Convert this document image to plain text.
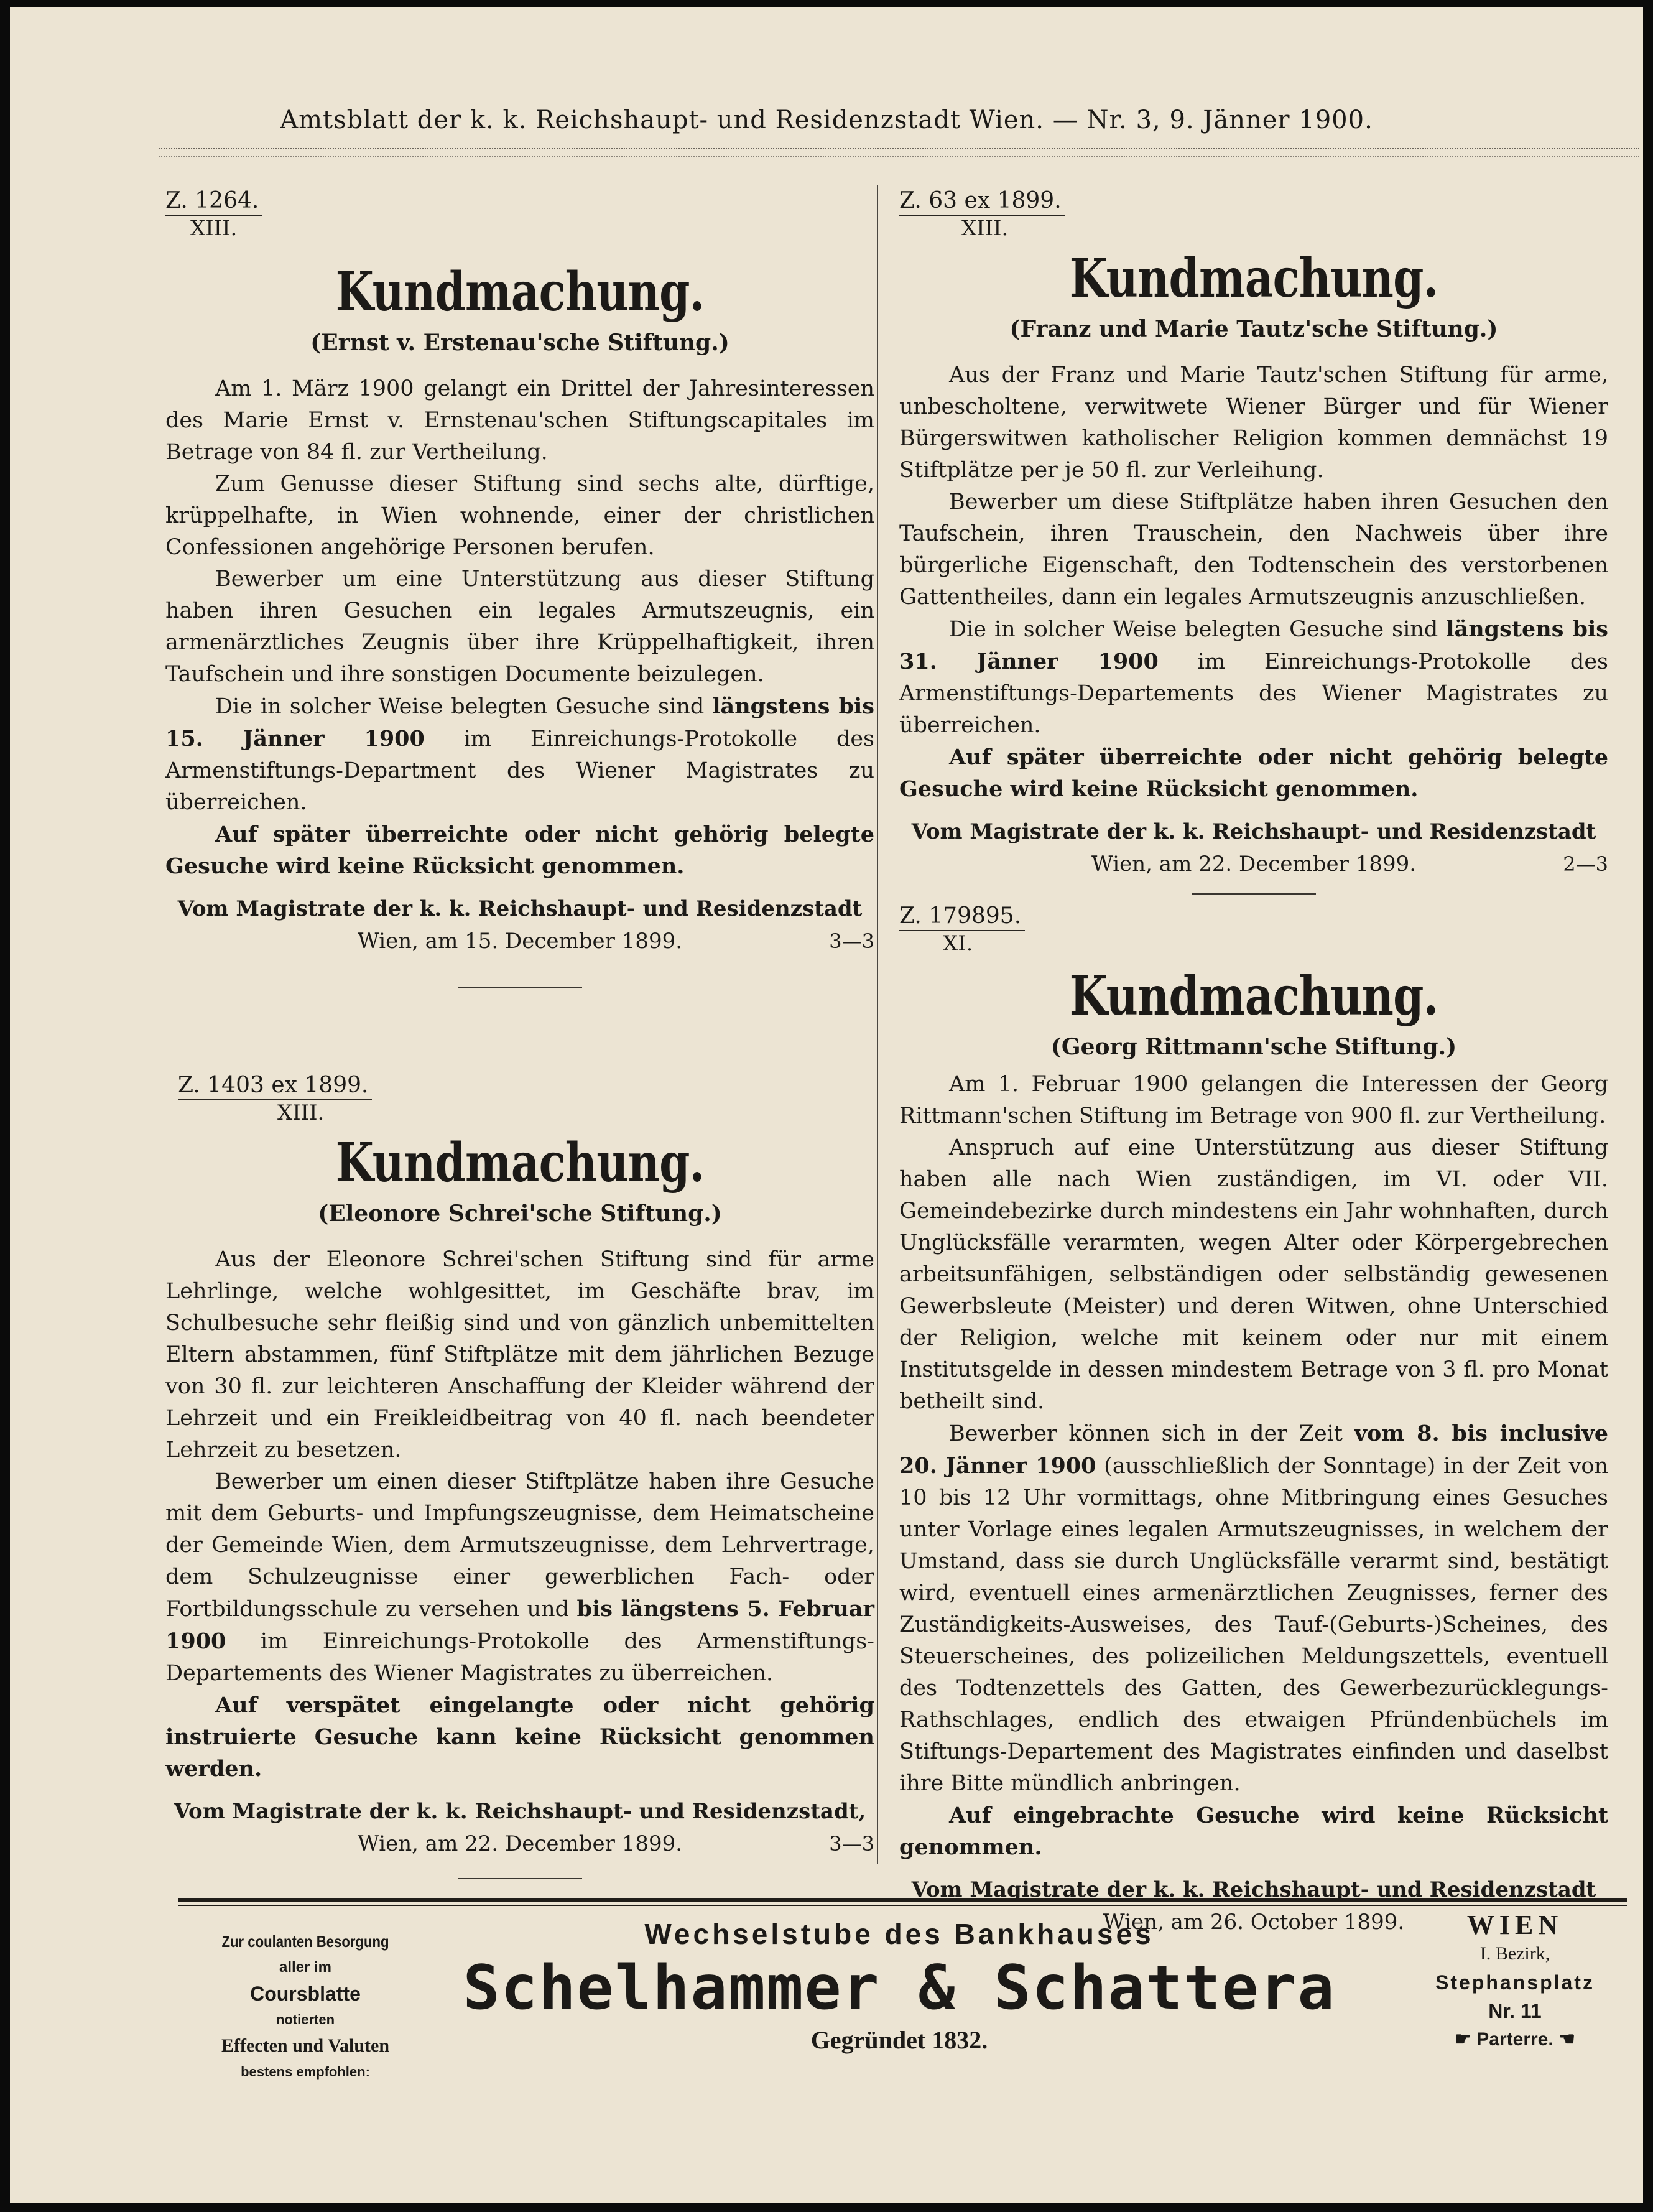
Amtsblatt der k. k. Reichshaupt- und Residenzstadt Wien. — Nr. 3, 9. Jänner 1900.
Z. 1264.
XIII.
Kundmachung.
(Ernst v. Erstenau'sche Stiftung.)

Am 1. März 1900 gelangt ein Drittel der Jahresinteressen des Marie Ernst v. Ernstenau'schen Stiftungscapitales im Betrage von 84 fl. zur Vertheilung.

Zum Genusse dieser Stiftung sind sechs alte, dürftige, krüppelhafte, in Wien wohnende, einer der christlichen Confessionen angehörige Personen berufen.

Bewerber um eine Unterstützung aus dieser Stiftung haben ihren Gesuchen ein legales Armutszeugnis, ein armenärztliches Zeugnis über ihre Krüppelhaftigkeit, ihren Taufschein und ihre sonstigen Documente beizulegen.

Die in solcher Weise belegten Gesuche sind längstens bis 15. Jänner 1900 im Einreichungs-Protokolle des Armenstiftungs-Department des Wiener Magistrates zu überreichen.

Auf später überreichte oder nicht gehörig belegte Gesuche wird keine Rücksicht genommen.

Vom Magistrate der k. k. Reichshaupt- und Residenzstadt
Wien, am 15. December 1899.	3—3
Z. 1403 ex 1899.
XIII.
Kundmachung.
(Eleonore Schrei'sche Stiftung.)

Aus der Eleonore Schrei'schen Stiftung sind für arme Lehrlinge, welche wohlgesittet, im Geschäfte brav, im Schulbesuche sehr fleißig sind und von gänzlich unbemittelten Eltern abstammen, fünf Stiftplätze mit dem jährlichen Bezuge von 30 fl. zur leichteren Anschaffung der Kleider während der Lehrzeit und ein Freikleidbeitrag von 40 fl. nach beendeter Lehrzeit zu besetzen.

Bewerber um einen dieser Stiftplätze haben ihre Gesuche mit dem Geburts- und Impfungszeugnisse, dem Heimatscheine der Gemeinde Wien, dem Armutszeugnisse, dem Lehrvertrage, dem Schulzeugnisse einer gewerblichen Fach- oder Fortbildungsschule zu versehen und bis längstens 5. Februar 1900 im Einreichungs-Protokolle des Armenstiftungs-Departements des Wiener Magistrates zu überreichen.

Auf verspätet eingelangte oder nicht gehörig instruierte Gesuche kann keine Rücksicht genommen werden.

Vom Magistrate der k. k. Reichshaupt- und Residenzstadt,
Wien, am 22. December 1899.	3—3
Z. 63 ex 1899.
XIII.
Kundmachung.
(Franz und Marie Tautz'sche Stiftung.)

Aus der Franz und Marie Tautz'schen Stiftung für arme, unbescholtene, verwitwete Wiener Bürger und für Wiener Bürgerswitwen katholischer Religion kommen demnächst 19 Stiftplätze per je 50 fl. zur Verleihung.

Bewerber um diese Stiftplätze haben ihren Gesuchen den Taufschein, ihren Trauschein, den Nachweis über ihre bürgerliche Eigenschaft, den Todtenschein des verstorbenen Gattentheiles, dann ein legales Armutszeugnis anzuschließen.

Die in solcher Weise belegten Gesuche sind längstens bis 31. Jänner 1900 im Einreichungs-Protokolle des Armenstiftungs-Departements des Wiener Magistrates zu überreichen.

Auf später überreichte oder nicht gehörig belegte Gesuche wird keine Rücksicht genommen.

Vom Magistrate der k. k. Reichshaupt- und Residenzstadt
Wien, am 22. December 1899.	2—3
Z. 179895.
XI.
Kundmachung.
(Georg Rittmann'sche Stiftung.)

Am 1. Februar 1900 gelangen die Interessen der Georg Rittmann'schen Stiftung im Betrage von 900 fl. zur Vertheilung.

Anspruch auf eine Unterstützung aus dieser Stiftung haben alle nach Wien zuständigen, im VI. oder VII. Gemeindebezirke durch mindestens ein Jahr wohnhaften, durch Unglücksfälle verarmten, wegen Alter oder Körpergebrechen arbeitsunfähigen, selbständigen oder selbständig gewesenen Gewerbsleute (Meister) und deren Witwen, ohne Unterschied der Religion, welche mit keinem oder nur mit einem Institutsgelde in dessen mindestem Betrage von 3 fl. pro Monat betheilt sind.

Bewerber können sich in der Zeit vom 8. bis inclusive 20. Jänner 1900 (ausschließlich der Sonntage) in der Zeit von 10 bis 12 Uhr vormittags, ohne Mitbringung eines Gesuches unter Vorlage eines legalen Armutszeugnisses, in welchem der Umstand, dass sie durch Unglücksfälle verarmt sind, bestätigt wird, eventuell eines armenärztlichen Zeugnisses, ferner des Zuständigkeits-Ausweises, des Tauf-(Geburts-)Scheines, des Steuerscheines, des polizeilichen Meldungszettels, eventuell des Todtenzettels des Gatten, des Gewerbezurücklegungs-Rathschlages, endlich des etwaigen Pfründenbüchels im Stiftungs-Departement des Magistrates einfinden und daselbst ihre Bitte mündlich anbringen.

Auf eingebrachte Gesuche wird keine Rücksicht genommen.

Vom Magistrate der k. k. Reichshaupt- und Residenzstadt
Wien, am 26. October 1899.
Zur coulanten Besorgung
aller im
Coursblatte
notierten
Effecten und Valuten
bestens empfohlen:
Wechselstube des Bankhauses
Schelhammer & Schattera
Gegründet 1832.
WIEN
I. Bezirk,
Stephansplatz
Nr. 11
☛ Parterre. ☚
